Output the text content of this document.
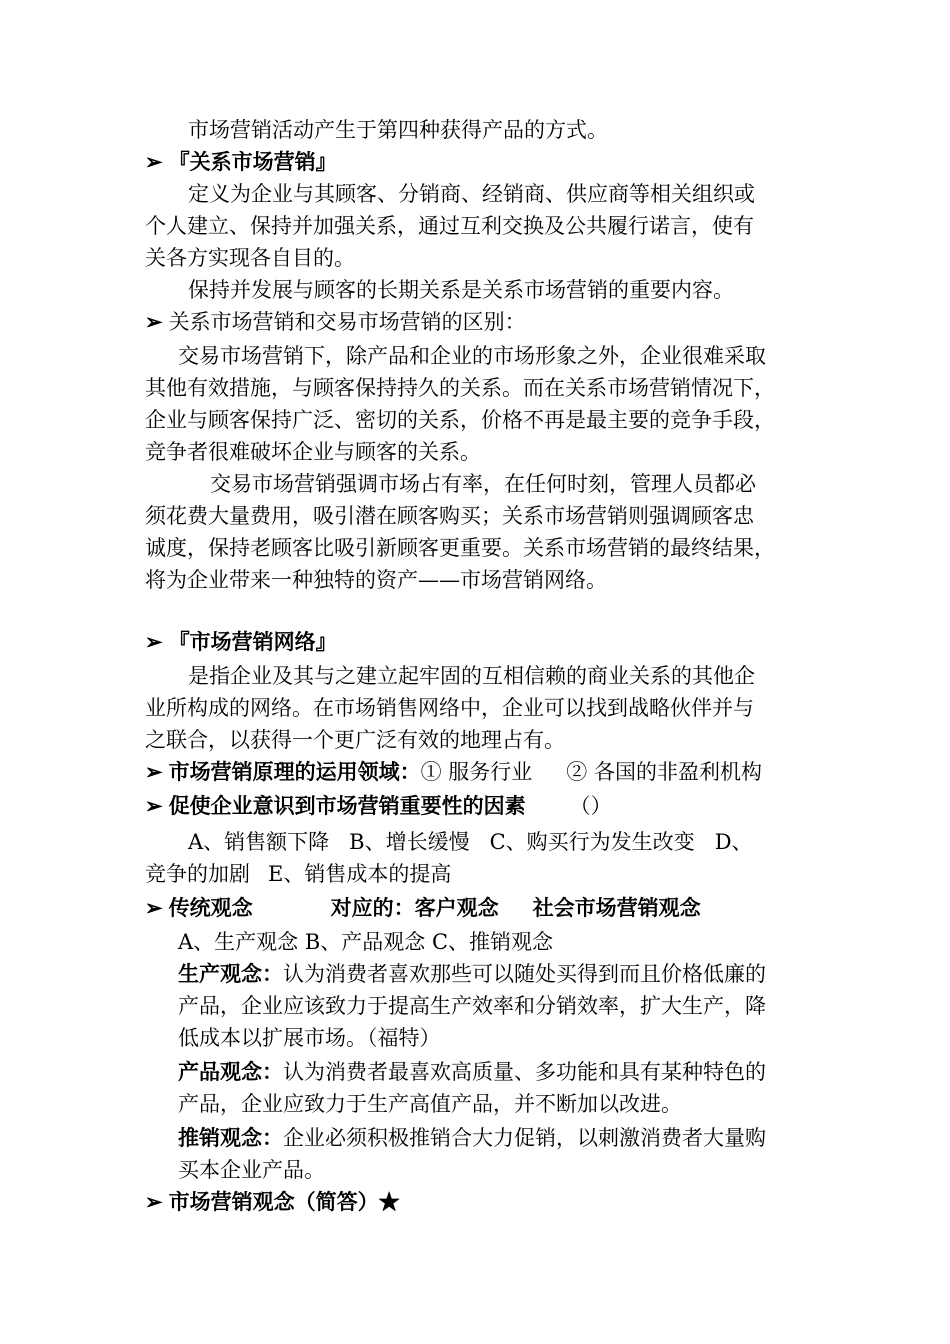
市场营销活动产生于第四种获得产品的方式。
➢ 『关系市场营销』
定义为企业与其顾客、分销商、经销商、供应商等相关组织或
个人建立、保持并加强关系，通过互利交换及公共履行诺言，使有
关各方实现各自目的。
保持并发展与顾客的长期关系是关系市场营销的重要内容。
➢ 关系市场营销和交易市场营销的区别：
交易市场营销下，除产品和企业的市场形象之外，企业很难采取
其他有效措施，与顾客保持持久的关系。而在关系市场营销情况下，
企业与顾客保持广泛、密切的关系，价格不再是最主要的竞争手段，
竞争者很难破坏企业与顾客的关系。
交易市场营销强调市场占有率，在任何时刻，管理人员都必
须花费大量费用，吸引潜在顾客购买；关系市场营销则强调顾客忠
诚度，保持老顾客比吸引新顾客更重要。关系市场营销的最终结果，
将为企业带来一种独特的资产——市场营销网络。
➢ 『市场营销网络』
是指企业及其与之建立起牢固的互相信赖的商业关系的其他企
业所构成的网络。在市场销售网络中，企业可以找到战略伙伴并与
之联合，以获得一个更广泛有效的地理占有。
➢ 市场营销原理的运用领域：① 服务行业 ② 各国的非盈利机构
➢ 促使企业意识到市场营销重要性的因素 （）
A、销售额下降 B、增长缓慢 C、购买行为发生改变 D、
竞争的加剧 E、销售成本的提高
➢ 传统观念	对应的：客户观念 社会市场营销观念
A、生产观念 B、产品观念 C、推销观念
生产观念：认为消费者喜欢那些可以随处买得到而且价格低廉的
产品，企业应该致力于提高生产效率和分销效率，扩大生产，降
低成本以扩展市场。（福特）
产品观念：认为消费者最喜欢高质量、多功能和具有某种特色的
产品，企业应致力于生产高值产品，并不断加以改进。
推销观念：企业必须积极推销合大力促销，以刺激消费者大量购
买本企业产品。
➢ 市场营销观念（简答）★
